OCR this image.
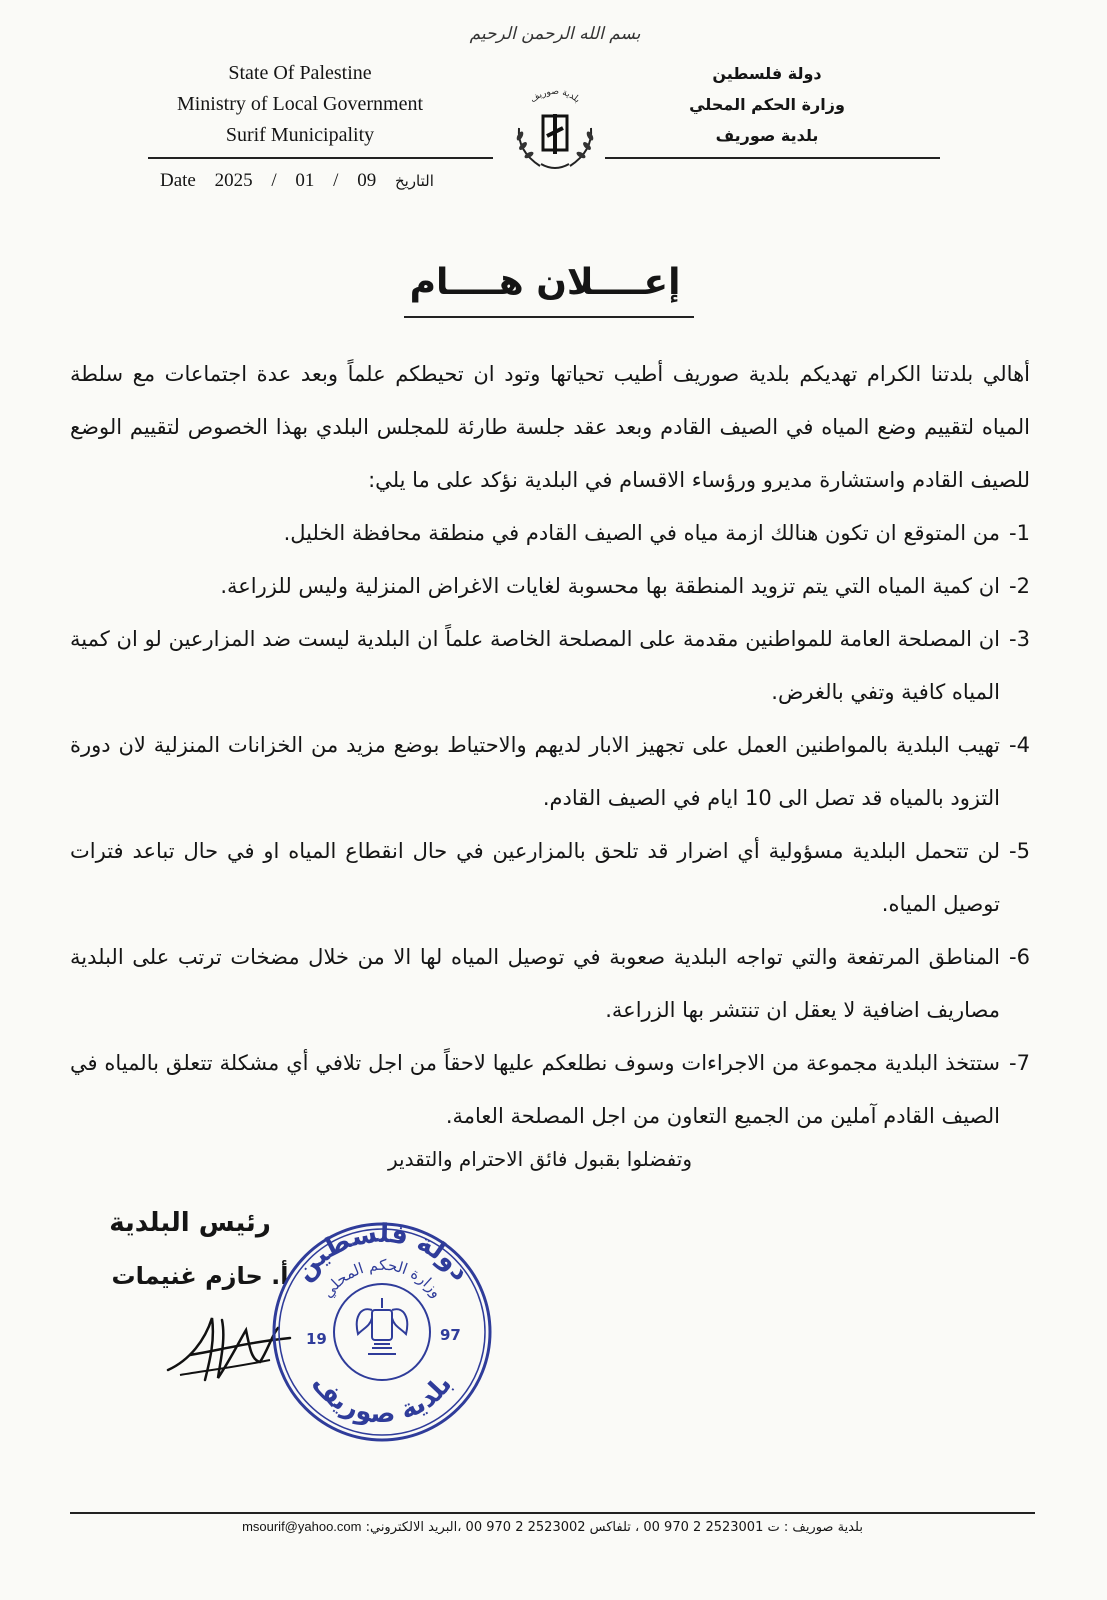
بسم الله الرحمن الرحيم
State Of Palestine
Ministry of Local Government
Surif Municipality
دولة فلسطين
وزارة الحكم المحلي
بلدية صوريف
بلدية صوريف
Date 2025 / 01 / 09 التاريخ
إعــــلان هــــام

أهالي بلدتنا الكرام تهديكم بلدية صوريف أطيب تحياتها وتود ان تحيطكم علماً وبعد عدة اجتماعات مع سلطة المياه لتقييم وضع المياه في الصيف القادم وبعد عقد جلسة طارئة للمجلس البلدي بهذا الخصوص لتقييم الوضع للصيف القادم واستشارة مديرو ورؤساء الاقسام في البلدية نؤكد على ما يلي:

1-
من المتوقع ان تكون هنالك ازمة مياه في الصيف القادم في منطقة محافظة الخليل.
2-
ان كمية المياه التي يتم تزويد المنطقة بها محسوبة لغايات الاغراض المنزلية وليس للزراعة.
3-
ان المصلحة العامة للمواطنين مقدمة على المصلحة الخاصة علماً ان البلدية ليست ضد المزارعين لو ان كمية المياه كافية وتفي بالغرض.
4-
تهيب البلدية بالمواطنين العمل على تجهيز الابار لديهم والاحتياط بوضع مزيد من الخزانات المنزلية لان دورة التزود بالمياه قد تصل الى 10 ايام في الصيف القادم.
5-
لن تتحمل البلدية مسؤولية أي اضرار قد تلحق بالمزارعين في حال انقطاع المياه او في حال تباعد فترات توصيل المياه.
6-
المناطق المرتفعة والتي تواجه البلدية صعوبة في توصيل المياه لها الا من خلال مضخات ترتب على البلدية مصاريف اضافية لا يعقل ان تنتشر بها الزراعة.
7-
ستتخذ البلدية مجموعة من الاجراءات وسوف نطلعكم عليها لاحقاً من اجل تلافي أي مشكلة تتعلق بالمياه في الصيف القادم آملين من الجميع التعاون من اجل المصلحة العامة.
وتفضلوا بقبول فائق الاحترام والتقدير
رئيس البلدية
أ. حازم غنيمات دولة فلسطين
وزارة الحكم المحلي
بلدية صوريف
19	97
بلدية صوريف : ت 2523001 2 970 00 ، تلفاكس 2523002 2 970 00 ،البريد الالكتروني: msourif@yahoo.com
